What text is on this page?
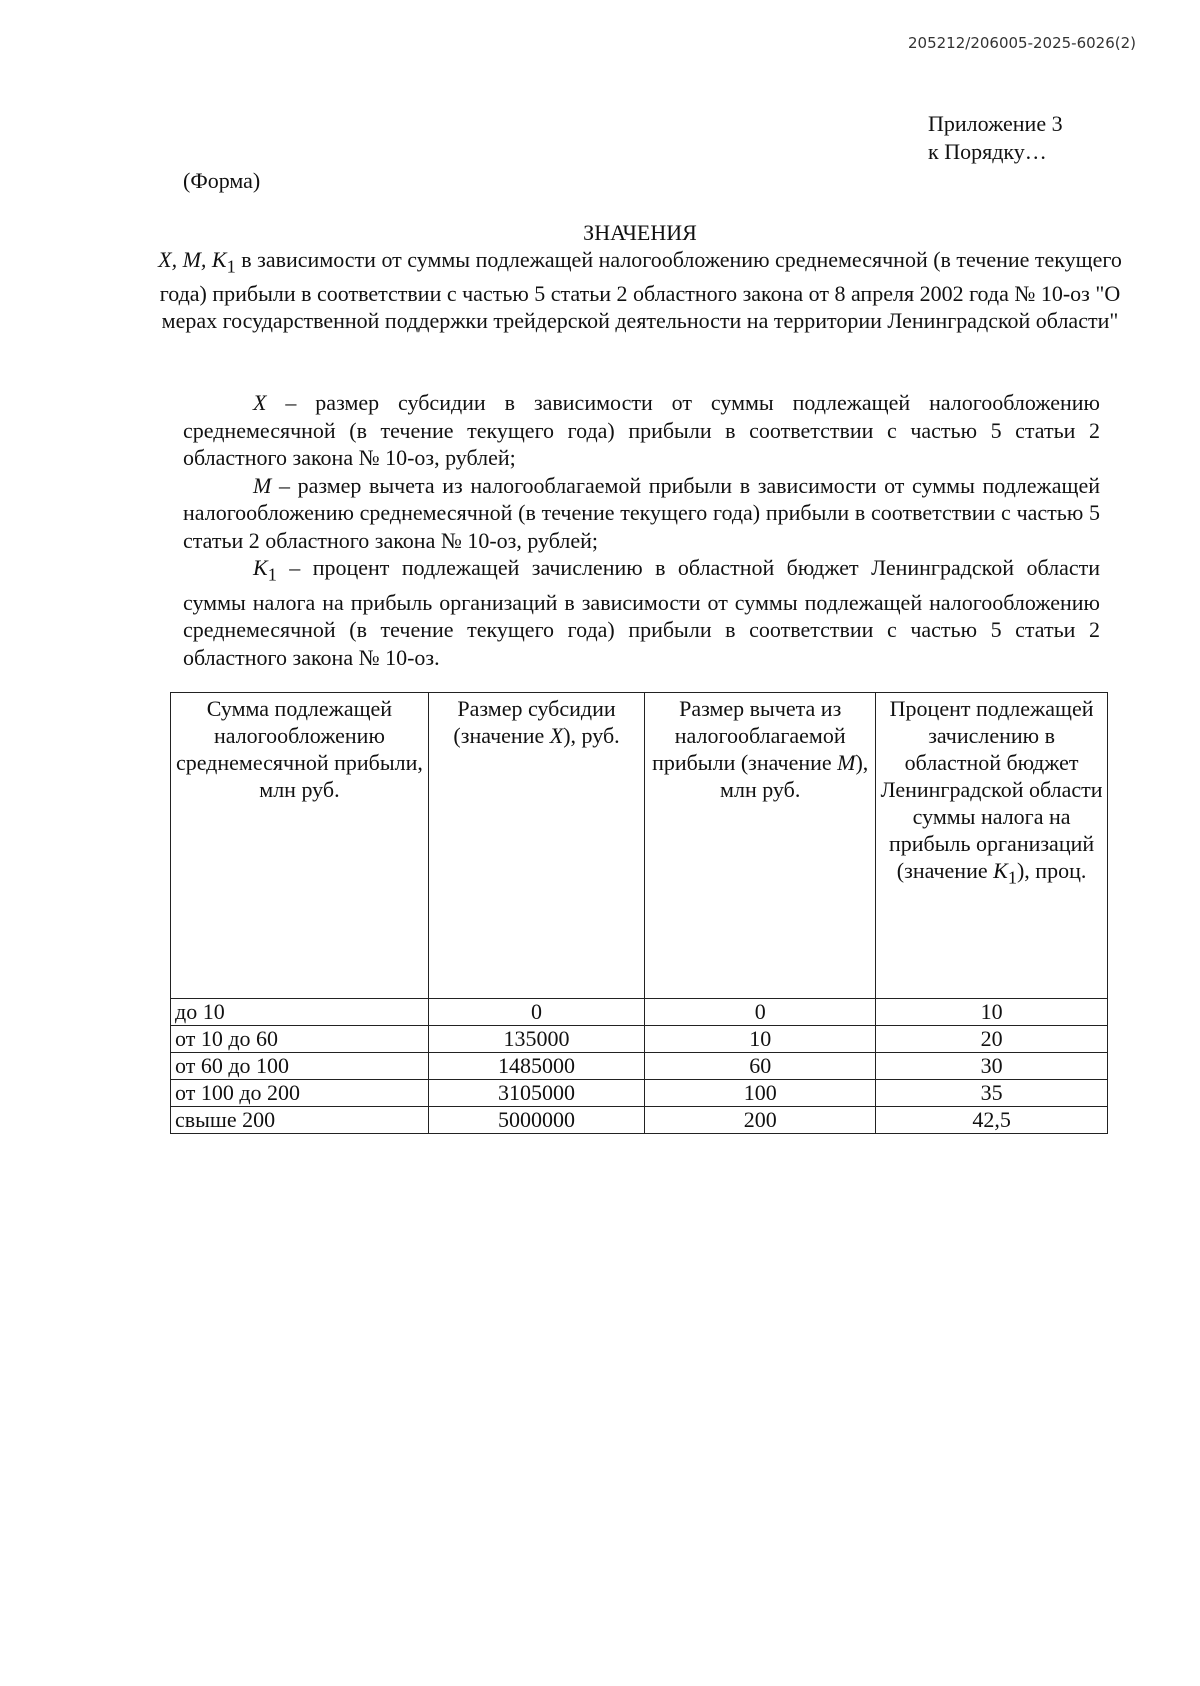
205212/206005-2025-6026(2)
Приложение 3
к Порядку…
(Форма)
ЗНАЧЕНИЯ
X, M, $K_1$ в зависимости от суммы подлежащей налогообложению среднемесячной (в течение текущего года) прибыли в соответствии с частью 5 статьи 2 областного закона от 8 апреля 2002 года № 10-оз "О мерах государственной поддержки трейдерской деятельности на территории Ленинградской области"

X – размер субсидии в зависимости от суммы подлежащей налогообложению среднемесячной (в течение текущего года) прибыли в соответствии с частью 5 статьи 2 областного закона № 10-оз, рублей;

M – размер вычета из налогооблагаемой прибыли в зависимости от суммы подлежащей налогообложению среднемесячной (в течение текущего года) прибыли в соответствии с частью 5 статьи 2 областного закона № 10-оз, рублей;

$K_1$ – процент подлежащей зачислению в областной бюджет Ленинградской области суммы налога на прибыль организаций в зависимости от суммы подлежащей налогообложению среднемесячной (в течение текущего года) прибыли в соответствии с частью 5 статьи 2 областного закона № 10-оз.

Сумма подлежащей налогообложению среднемесячной прибыли, млн руб.	Размер субсидии (значение X), руб.	Размер вычета из налогооблагаемой прибыли (значение M), млн руб.	Процент подлежащей зачислению в областной бюджет Ленинградской области суммы налога на прибыль организаций (значение $K_1$), проц.
до 10	0	0	10
от 10 до 60	135000	10	20
от 60 до 100	1485000	60	30
от 100 до 200	3105000	100	35
свыше 200	5000000	200	42,5
